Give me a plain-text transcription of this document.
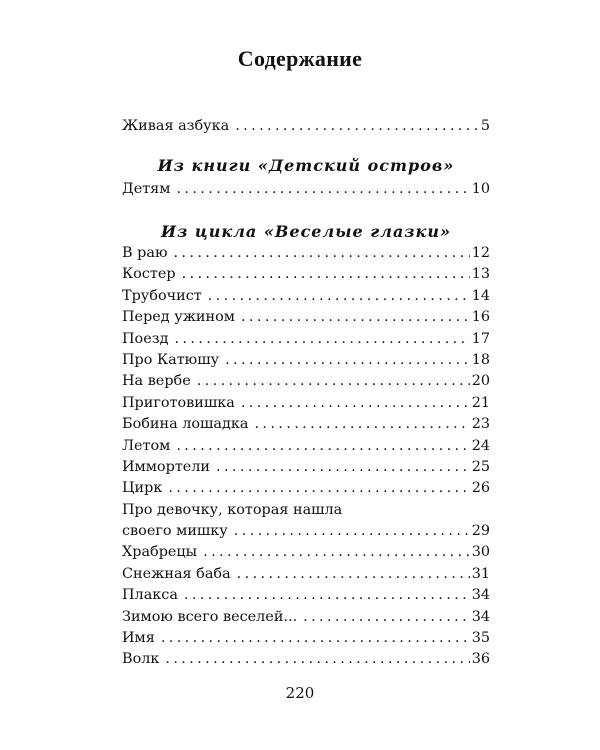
Содержание
Живая азбука . . .	5
Из книги «Детский остров»
Детям . . .	10
Из цикла «Веселые глазки»
В раю . . .	12
Костер . . .	13
Трубочист . . .	14
Перед ужином . . .	16
Поезд . . .	17
Про Катюшу . . .	18
На вербе . . .	20
Приготовишка . . .	21
Бобина лошадка . . .	23
Летом . . .	24
Иммортели . . .	25
Цирк . . .	26
Про девочку, которая нашла
своего мишку . . .	29
Храбрецы . . .	30
Снежная баба . . .	31
Плакса . . .	34
Зимою всего веселей... . . .	34
Имя . . .	35
Волк . . .	36
220
